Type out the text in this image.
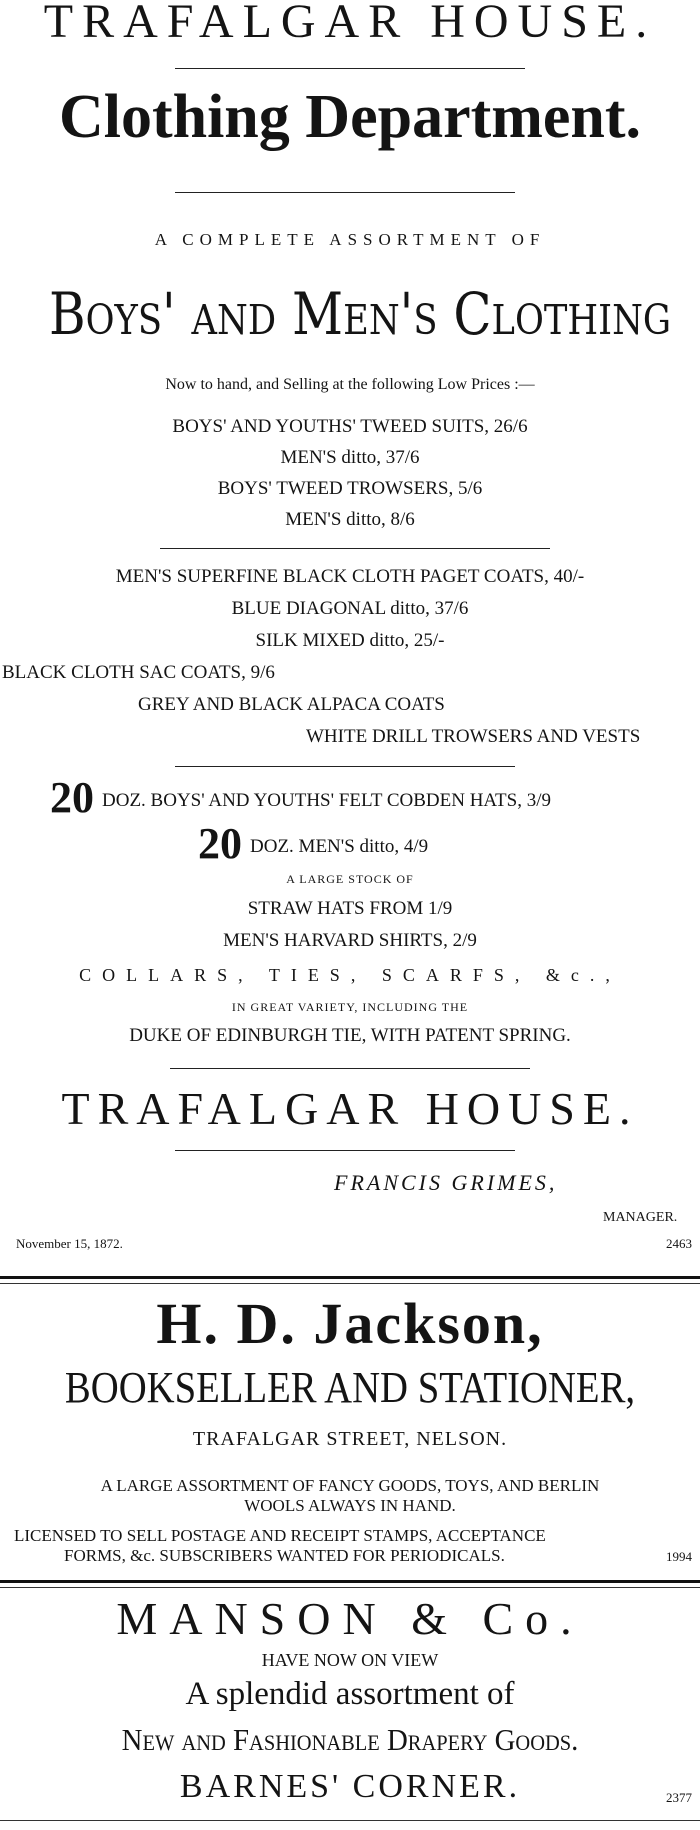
TRAFALGAR HOUSE.
Clothing Department.
A COMPLETE ASSORTMENT OF
Boys' and Men's Clothing
Now to hand, and Selling at the following Low Prices :—
BOYS' AND YOUTHS' TWEED SUITS, 26/6
MEN'S ditto, 37/6
BOYS' TWEED TROWSERS, 5/6
MEN'S ditto, 8/6
MEN'S SUPERFINE BLACK CLOTH PAGET COATS, 40/-
BLUE DIAGONAL ditto, 37/6
SILK MIXED ditto, 25/-
BLACK CLOTH SAC COATS, 9/6
GREY AND BLACK ALPACA COATS
WHITE DRILL TROWSERS AND VESTS
20 DOZ. BOYS' AND YOUTHS' FELT COBDEN HATS, 3/9
20 DOZ. MEN'S ditto, 4/9
A LARGE STOCK OF
STRAW HATS FROM 1/9
MEN'S HARVARD SHIRTS, 2/9
COLLARS, TIES, SCARFS, &c.,
IN GREAT VARIETY, INCLUDING THE
DUKE OF EDINBURGH TIE, WITH PATENT SPRING.
TRAFALGAR HOUSE.
FRANCIS GRIMES,
MANAGER.
November 15, 1872.	2463
H. D. Jackson,
BOOKSELLER AND STATIONER,
TRAFALGAR STREET, NELSON.
A LARGE ASSORTMENT OF FANCY GOODS, TOYS, AND BERLIN
WOOLS ALWAYS IN HAND.
LICENSED TO SELL POSTAGE AND RECEIPT STAMPS, ACCEPTANCE
FORMS, &c. SUBSCRIBERS WANTED FOR PERIODICALS.	1994
MANSON & Co.
HAVE NOW ON VIEW
A splendid assortment of
New and Fashionable Drapery Goods.
BARNES' CORNER.	2377
